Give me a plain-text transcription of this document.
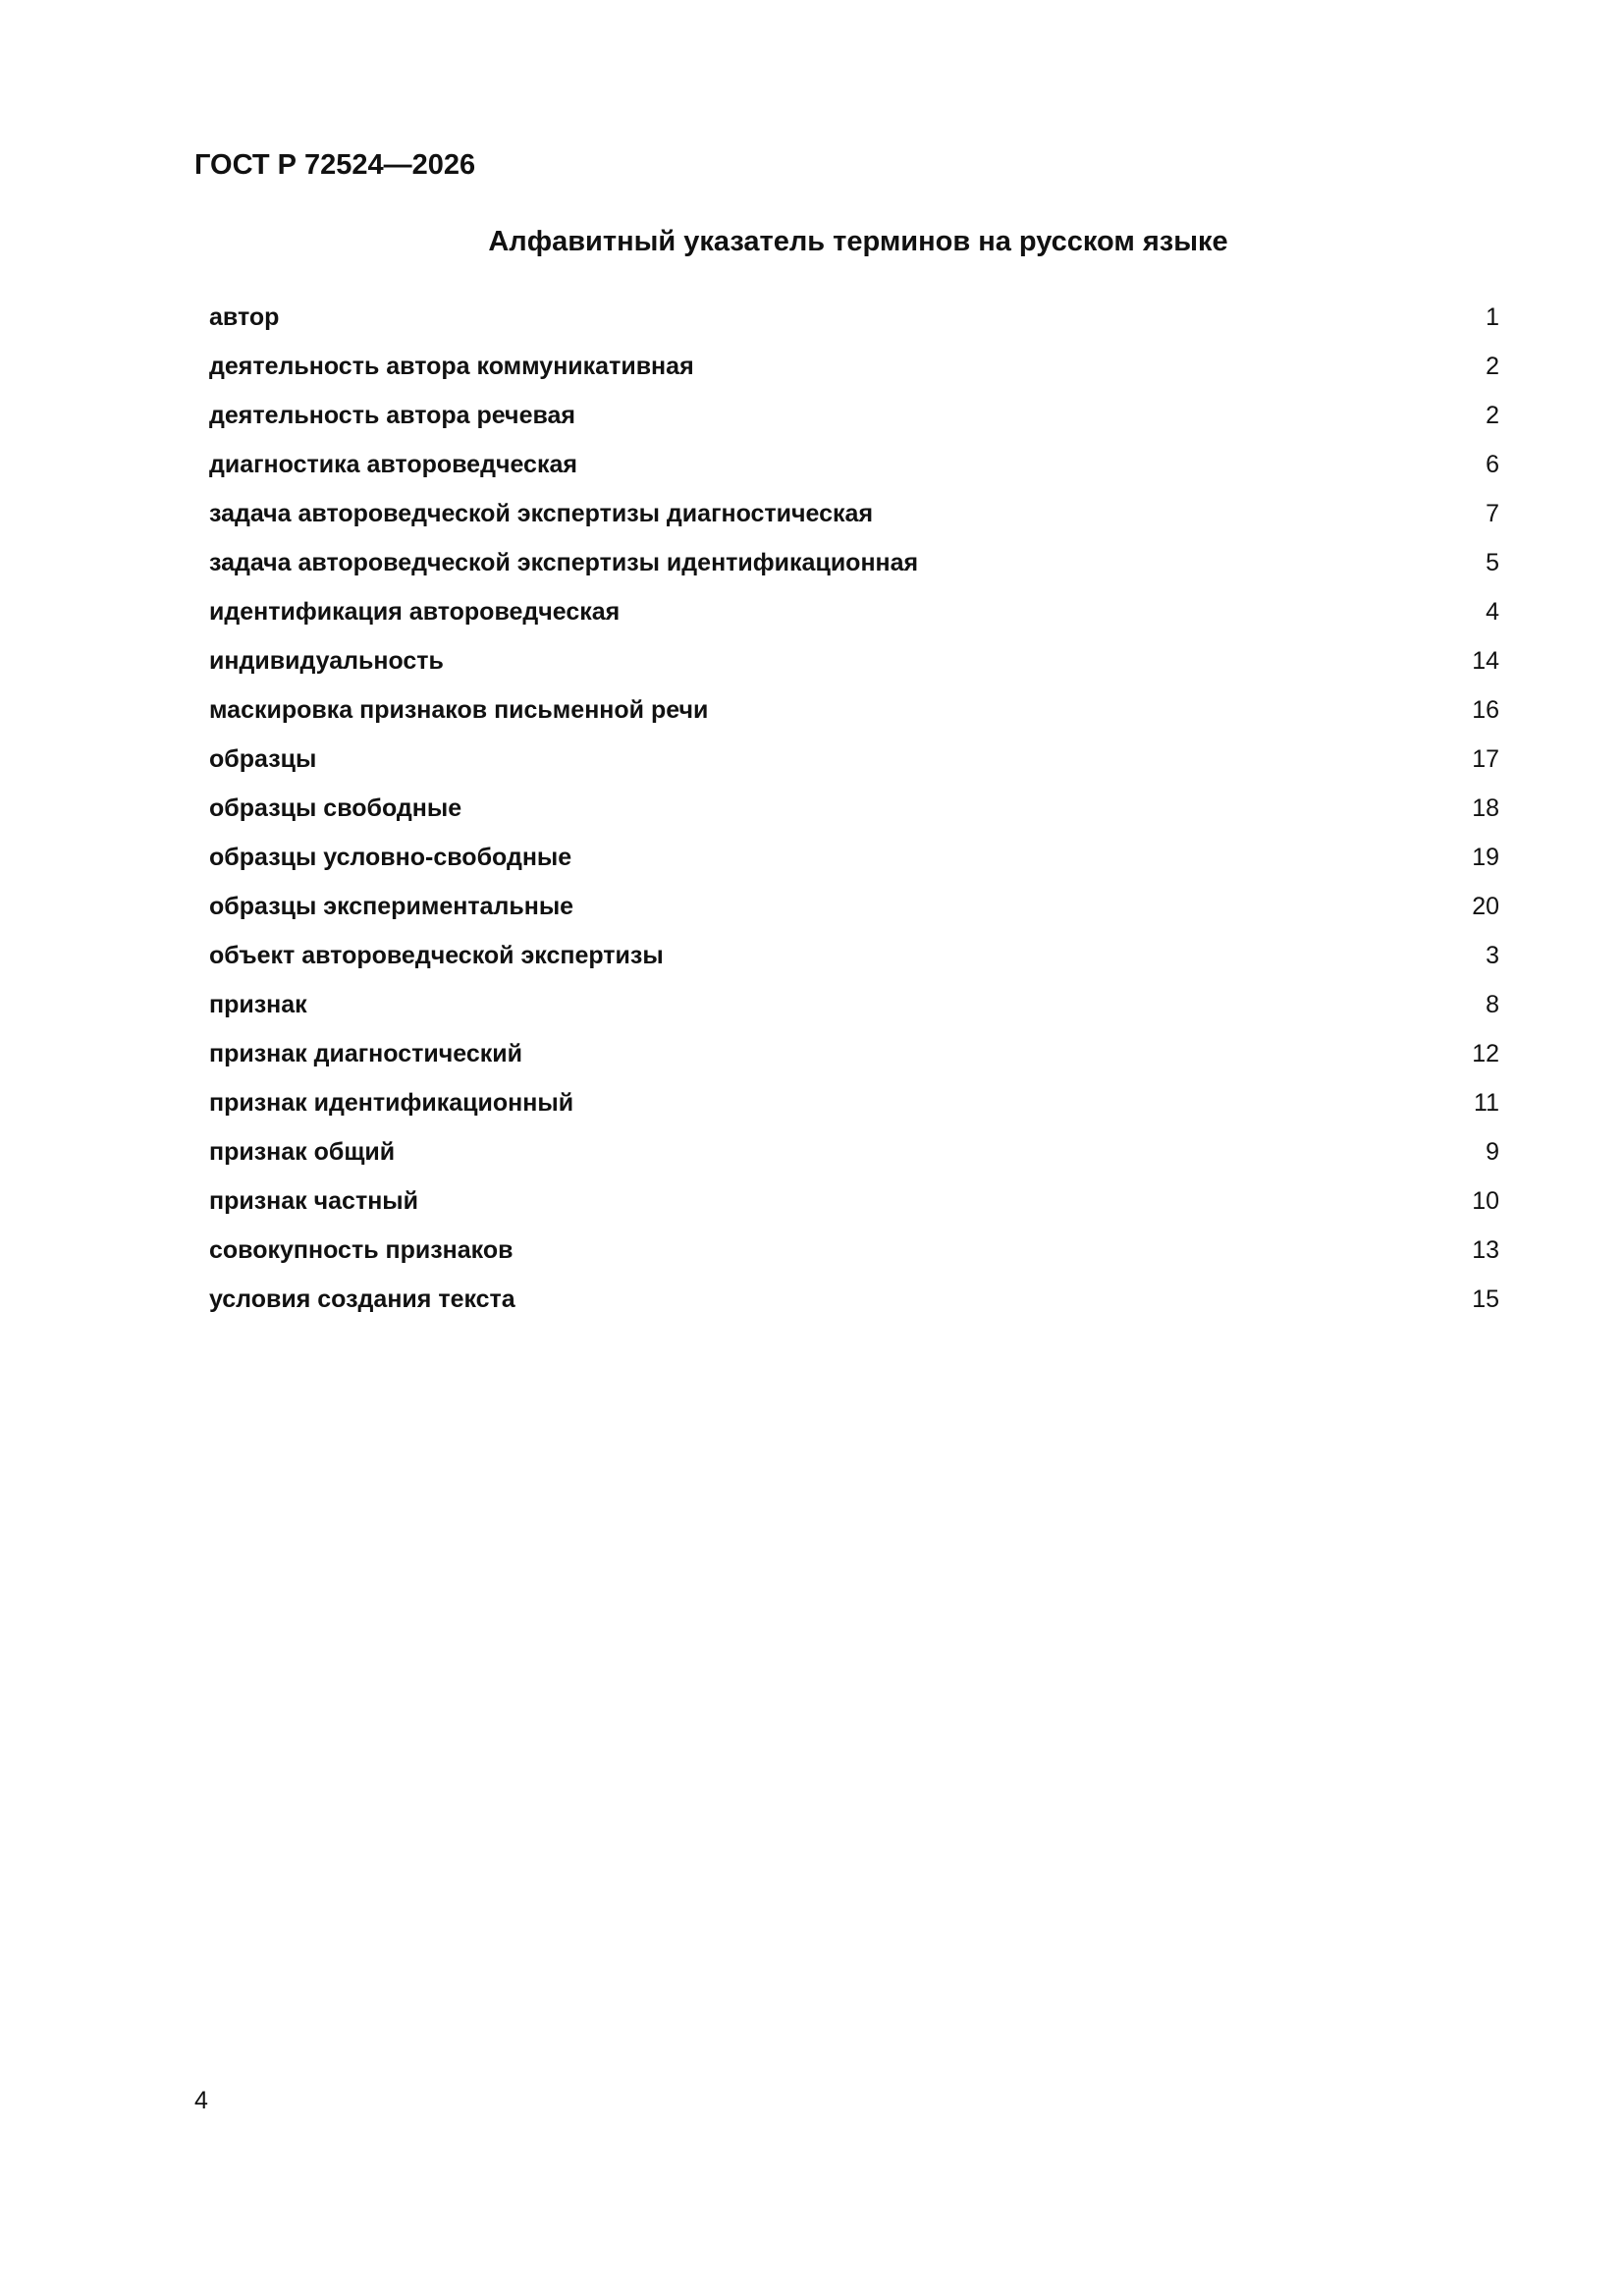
ГОСТ Р 72524—2026
Алфавитный указатель терминов на русском языке
автор	1
деятельность автора коммуникативная	2
деятельность автора речевая	2
диагностика автороведческая	6
задача автороведческой экспертизы диагностическая	7
задача автороведческой экспертизы идентификационная	5
идентификация автороведческая	4
индивидуальность	14
маскировка признаков письменной речи	16
образцы	17
образцы свободные	18
образцы условно-свободные	19
образцы экспериментальные	20
объект автороведческой экспертизы	3
признак	8
признак диагностический	12
признак идентификационный	11
признак общий	9
признак частный	10
совокупность признаков	13
условия создания текста	15
4
